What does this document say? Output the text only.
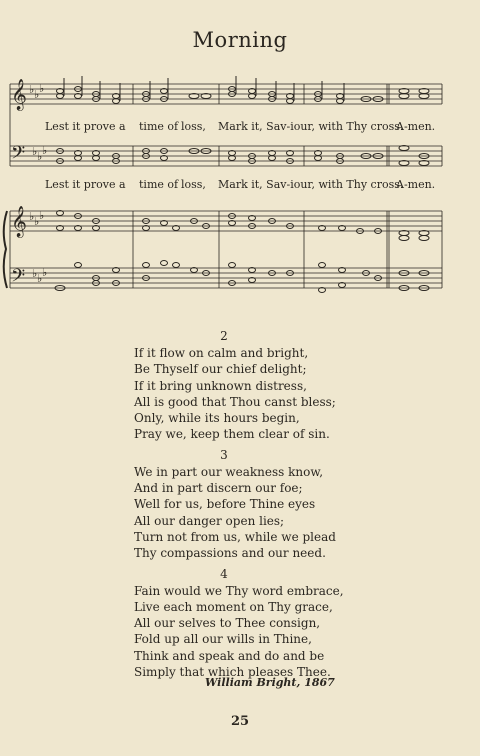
Morning
𝄞
𝄢
𝄞
𝄢
♭ ♭ ♭
♭ ♭ ♭
♭ ♭ ♭
♭ ♭ ♭
Lest it prove a time of loss, Mark it, Sav-iour, with Thy cross.
A-men.
Lest it prove a time of loss, Mark it, Sav-iour, with Thy cross.
A-men.
2
If it flow on calm and bright,
Be Thyself our chief delight;
If it bring unknown distress,
All is good that Thou canst bless;
Only, while its hours begin,
Pray we, keep them clear of sin.
3
We in part our weakness know,
And in part discern our foe;
Well for us, before Thine eyes
All our danger open lies;
Turn not from us, while we plead
Thy compassions and our need.
4
Fain would we Thy word embrace,
Live each moment on Thy grace,
All our selves to Thee consign,
Fold up all our wills in Thine,
Think and speak and do and be
Simply that which pleases Thee.
William Bright, 1867
25
